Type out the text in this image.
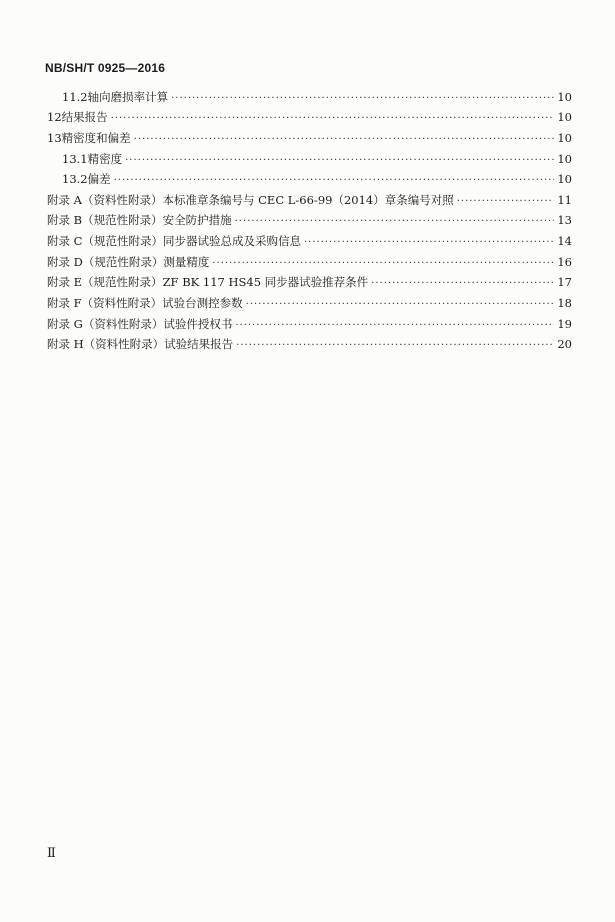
NB/SH/T 0925—2016
11.2 轴向磨损率计算 ·····	10
12 结果报告 ·····	10
13 精密度和偏差 ·····	10
13.1 精密度 ·····	10
13.2 偏差 ·····	10
附录 A（资料性附录） 本标准章条编号与 CEC L-66-99（2014）章条编号对照 ·····	11
附录 B（规范性附录） 安全防护措施 ·····	13
附录 C（规范性附录） 同步器试验总成及采购信息 ·····	14
附录 D（规范性附录） 测量精度 ·····	16
附录 E（规范性附录） ZF BK 117 HS45 同步器试验推荐条件 ·····	17
附录 F（资料性附录） 试验台测控参数 ·····	18
附录 G（资料性附录） 试验件授权书 ·····	19
附录 H（资料性附录） 试验结果报告 ·····	20
Ⅱ
